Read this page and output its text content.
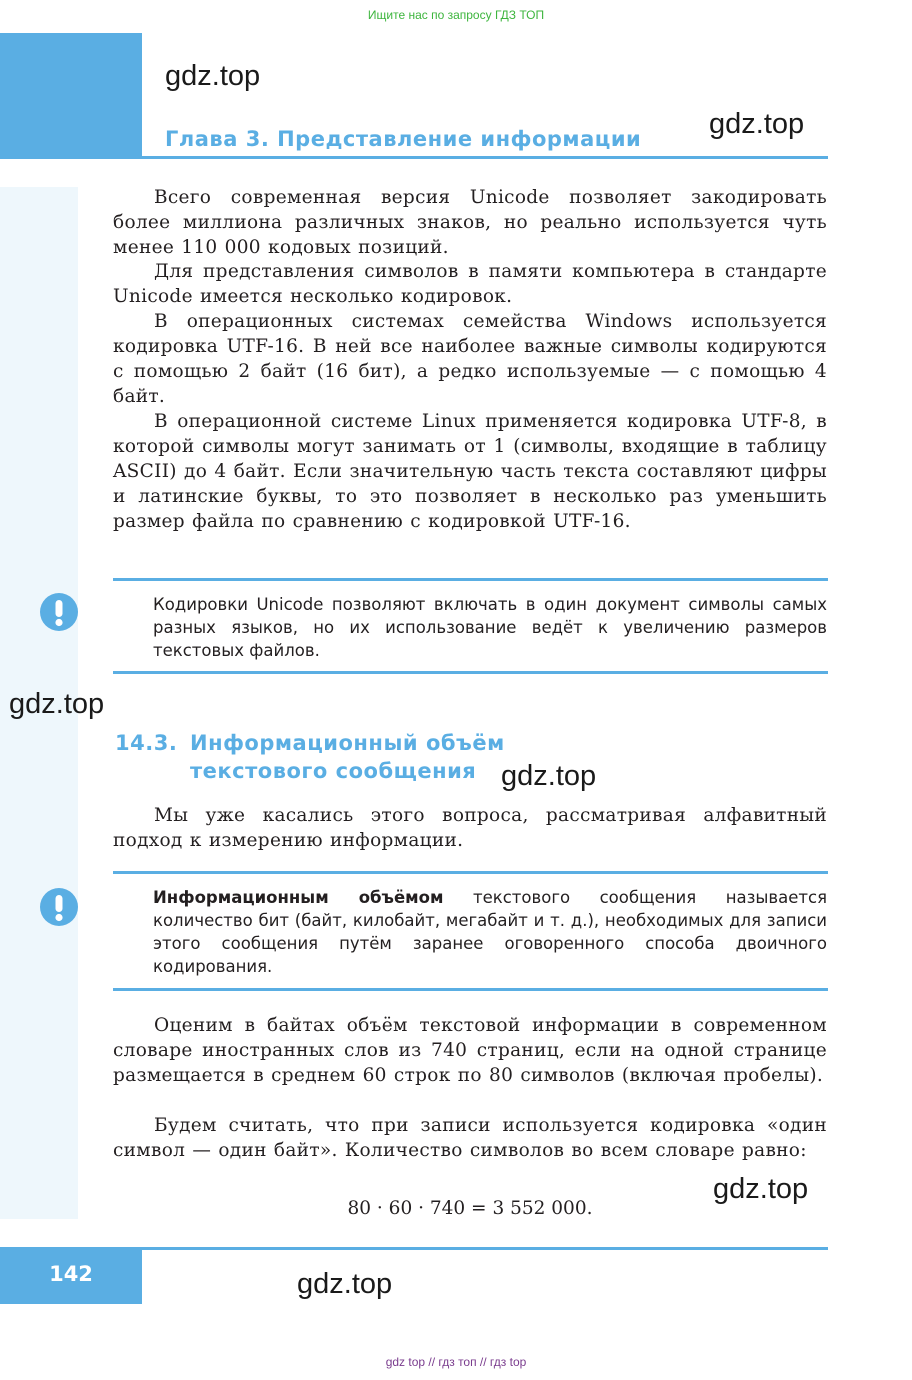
Ищите нас по запросу ГДЗ ТОП
gdz.top
gdz.top
Глава 3. Представление информации
Всего современная версия Unicode позволяет закодировать более миллиона различных знаков, но реально используется чуть менее 110 000 кодовых позиций.
Для представления символов в памяти компьютера в стандарте Unicode имеется несколько кодировок.
В операционных системах семейства Windows используется кодировка UTF-16. В ней все наиболее важные символы кодируются с помощью 2 байт (16 бит), а редко используемые — с помощью 4 байт.
В операционной системе Linux применяется кодировка UTF-8, в которой символы могут занимать от 1 (символы, входящие в таблицу ASCII) до 4 байт. Если значительную часть текста составляют цифры и латинские буквы, то это позволяет в несколько раз уменьшить размер файла по сравнению с кодировкой UTF-16.
Кодировки Unicode позволяют включать в один документ символы самых разных языков, но их использование ведёт к увеличению размеров текстовых файлов.
gdz.top
14.3. Информационный объём
текстового сообщения gdz.top
Мы уже касались этого вопроса, рассматривая алфавитный подход к измерению информации.
Информационным объёмом текстового сообщения называется количество бит (байт, килобайт, мегабайт и т. д.), необходимых для записи этого сообщения путём заранее оговоренного способа двоичного кодирования.
Оценим в байтах объём текстовой информации в современном словаре иностранных слов из 740 страниц, если на одной странице размещается в среднем 60 строк по 80 символов (включая пробелы).
Будем считать, что при записи используется кодировка «один символ — один байт». Количество символов во всем словаре равно:
gdz.top
80 · 60 · 740 = 3 552 000.
142	gdz.top
gdz top // гдз топ // гдз top
